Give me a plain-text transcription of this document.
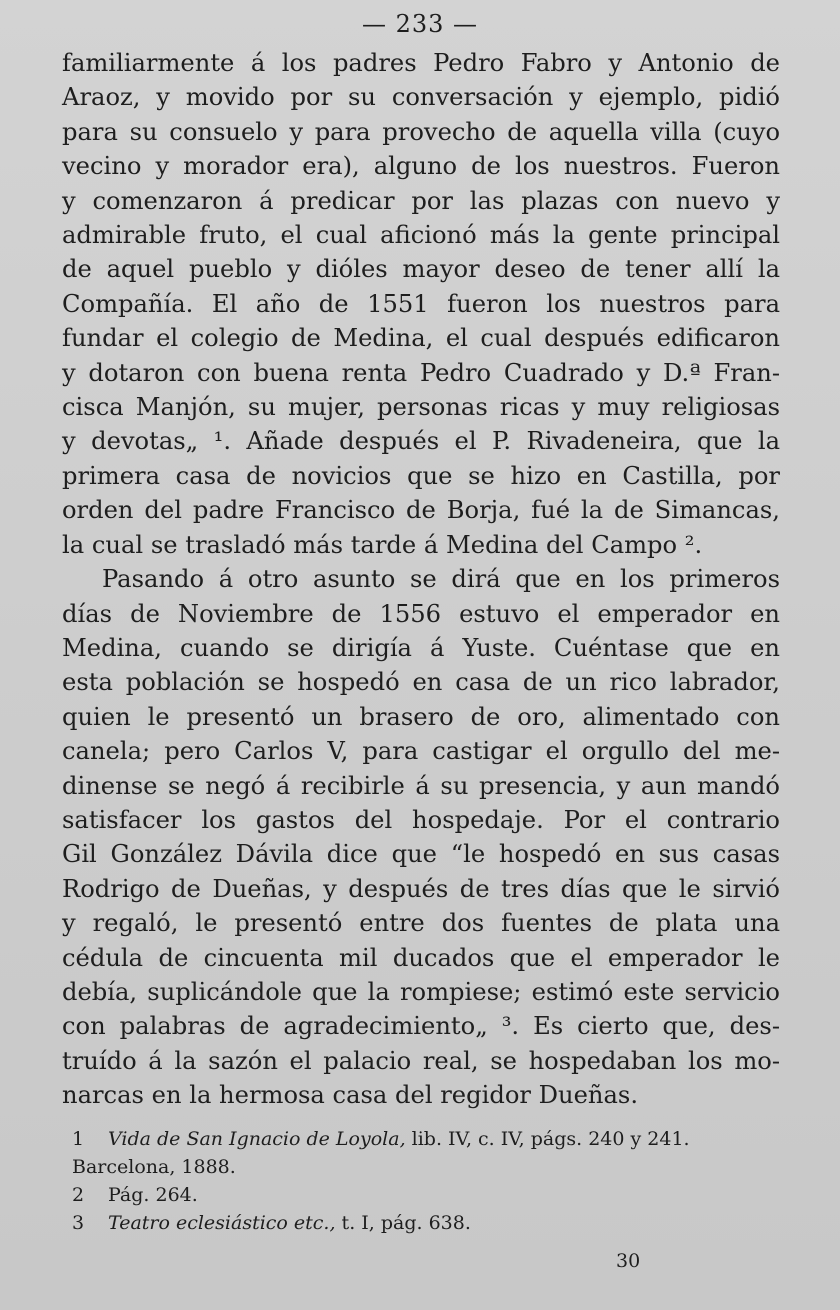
— 233 —
familiarmente á los padres Pedro Fabro y Antonio de
Araoz, y movido por su conversación y ejemplo, pidió
para su consuelo y para provecho de aquella villa (cuyo
vecino y morador era), alguno de los nuestros. Fueron
y comenzaron á predicar por las plazas con nuevo y
admirable fruto, el cual aficionó más la gente principal
de aquel pueblo y dióles mayor deseo de tener allí la
Compañía. El año de 1551 fueron los nuestros para
fundar el colegio de Medina, el cual después edificaron
y dotaron con buena renta Pedro Cuadrado y D.ª Fran-
cisca Manjón, su mujer, personas ricas y muy religiosas
y devotas„ ¹. Añade después el P. Rivadeneira, que la
primera casa de novicios que se hizo en Castilla, por
orden del padre Francisco de Borja, fué la de Simancas,
la cual se trasladó más tarde á Medina del Campo ².
Pasando á otro asunto se dirá que en los primeros
días de Noviembre de 1556 estuvo el emperador en
Medina, cuando se dirigía á Yuste. Cuéntase que en
esta población se hospedó en casa de un rico labrador,
quien le presentó un brasero de oro, alimentado con
canela; pero Carlos V, para castigar el orgullo del me-
dinense se negó á recibirle á su presencia, y aun mandó
satisfacer los gastos del hospedaje. Por el contrario
Gil González Dávila dice que “le hospedó en sus casas
Rodrigo de Dueñas, y después de tres días que le sirvió
y regaló, le presentó entre dos fuentes de plata una
cédula de cincuenta mil ducados que el emperador le
debía, suplicándole que la rompiese; estimó este servicio
con palabras de agradecimiento„ ³. Es cierto que, des-
truído á la sazón el palacio real, se hospedaban los mo-
narcas en la hermosa casa del regidor Dueñas.
1 Vida de San Ignacio de Loyola, lib. IV, c. IV, págs. 240 y 241.
Barcelona, 1888.
2 Pág. 264.
3 Teatro eclesiástico etc., t. I, pág. 638.
30
